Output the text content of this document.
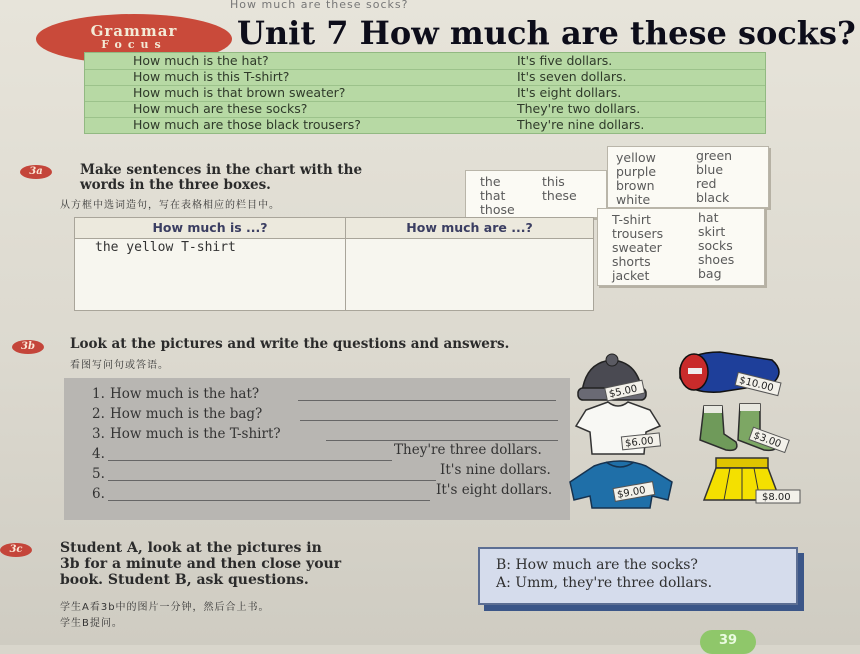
How much are these socks?
Grammar
Focus	Unit 7 How much are these socks?
How much is the hat?	It's five dollars.
How much is this T-shirt?	It's seven dollars.
How much is that brown sweater?	It's eight dollars.
How much are these socks?	They're two dollars.
How much are those black trousers?	They're nine dollars.
3a	Make sentences in the chart with the
words in the three boxes.
从方框中选词造句，写在表格相应的栏目中。
the	this
that	these
those
yellow	green
purple	blue
brown	red
white	black
T-shirt	hat
trousers	skirt
sweater	socks
shorts	shoes
jacket	bag
How much is ...?	How much are ...?
the yellow T-shirt
3b	Look at the pictures and write the questions and answers.
看图写问句或答语。
1. How much is the hat?
2. How much is the bag?
3. How much is the T-shirt?
4.	They're three dollars.
5.	It's nine dollars.
6.	It's eight dollars.
$5.00	$10.00
$6.00	$3.00
$9.00	$8.00
3c	Student A, look at the pictures in
3b for a minute and then close your
book. Student B, ask questions.
学生A看3b中的图片一分钟，然后合上书。
学生B提问。
B: How much are the socks?
A: Umm, they're three dollars.
39
